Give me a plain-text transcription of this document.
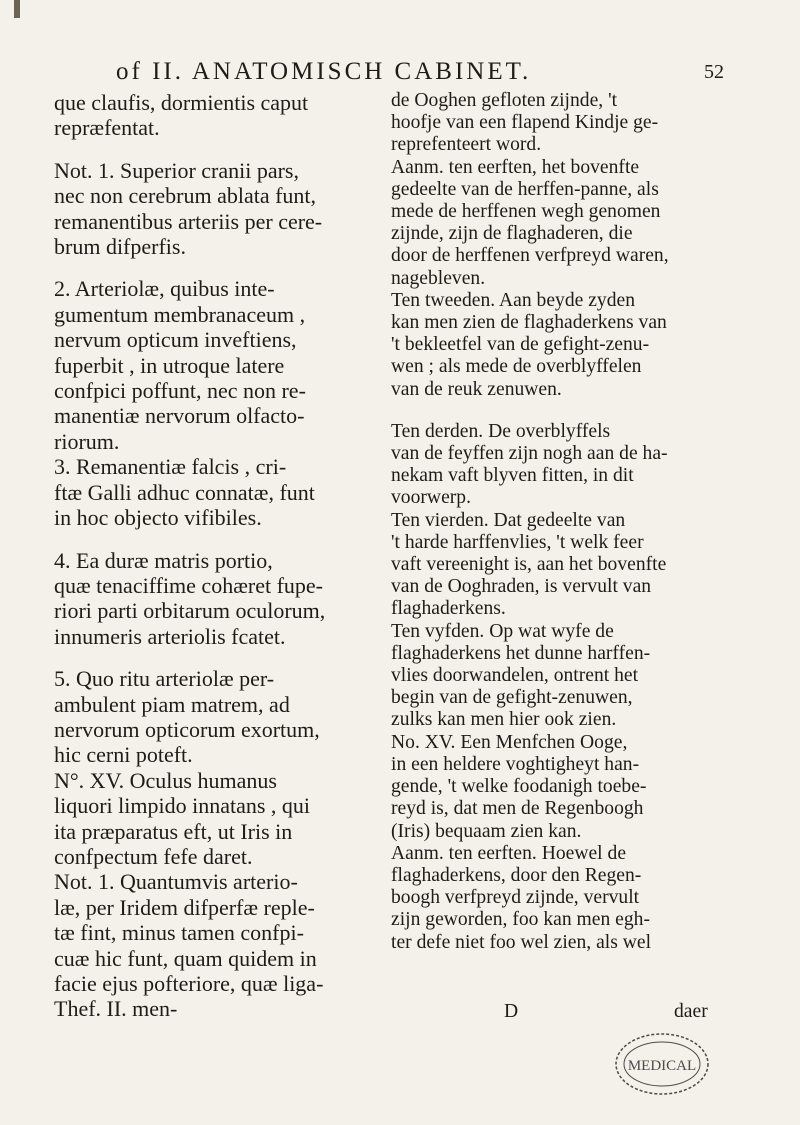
of II. ANATOMISCH CABINET.	52
que claufis, dormientis caput
repræfentat.
Not. 1. Superior cranii pars,
nec non cerebrum ablata funt,
remanentibus arteriis per cere-
brum difperfis.
2. Arteriolæ, quibus inte-
gumentum membranaceum ,
nervum opticum inveftiens,
fuperbit , in utroque latere
confpici poffunt, nec non re-
manentiæ nervorum olfacto-
riorum.
3. Remanentiæ falcis , cri-
ftæ Galli adhuc connatæ, funt
in hoc objecto vifibiles.
4. Ea duræ matris portio,
quæ tenaciffime cohæret fupe-
riori parti orbitarum oculorum,
innumeris arteriolis fcatet.
5. Quo ritu arteriolæ per-
ambulent piam matrem, ad
nervorum opticorum exortum,
hic cerni poteft.
N°. XV. Oculus humanus
liquori limpido innatans , qui
ita præparatus eft, ut Iris in
confpectum fefe daret.
Not. 1. Quantumvis arterio-
læ, per Iridem difperfæ reple-
tæ fint, minus tamen confpi-
cuæ hic funt, quam quidem in
facie ejus pofteriore, quæ liga-
Thef. II. men-
de Ooghen gefloten zijnde, 't
hoofje van een flapend Kindje ge-
reprefenteert word.
Aanm. ten eerften, het bovenfte
gedeelte van de herffen-panne, als
mede de herffenen wegh genomen
zijnde, zijn de flaghaderen, die
door de herffenen verfpreyd waren,
nagebleven.
Ten tweeden. Aan beyde zyden
kan men zien de flaghaderkens van
't bekleetfel van de gefight-zenu-
wen ; als mede de overblyffelen
van de reuk zenuwen.
Ten derden. De overblyffels
van de feyffen zijn nogh aan de ha-
nekam vaft blyven fitten, in dit
voorwerp.
Ten vierden. Dat gedeelte van
't harde harffenvlies, 't welk feer
vaft vereenight is, aan het bovenfte
van de Ooghraden, is vervult van
flaghaderkens.
Ten vyfden. Op wat wyfe de
flaghaderkens het dunne harffen-
vlies doorwandelen, ontrent het
begin van de gefight-zenuwen,
zulks kan men hier ook zien.
No. XV. Een Menfchen Ooge,
in een heldere voghtigheyt han-
gende, 't welke foodanigh toebe-
reyd is, dat men de Regenboogh
(Iris) bequaam zien kan.
Aanm. ten eerften. Hoewel de
flaghaderkens, door den Regen-
boogh verfpreyd zijnde, vervult
zijn geworden, foo kan men egh-
ter defe niet foo wel zien, als wel
D	daer
MEDICAL
